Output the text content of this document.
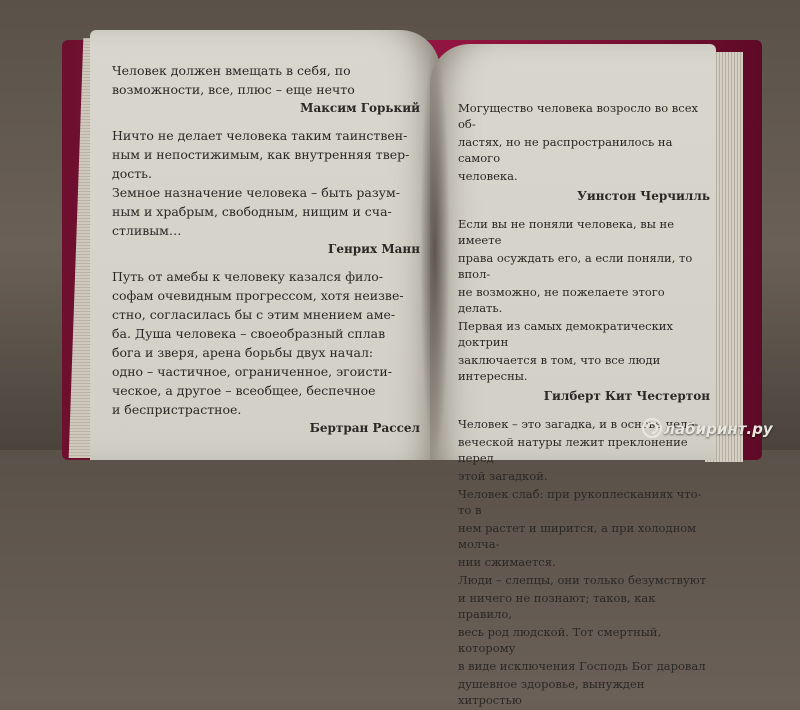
Человек должен вмещать в себя, по
возможности, все, плюс – еще нечто
Максим Горький
Ничто не делает человека таким таинствен-
ным и непостижимым, как внутренняя твер-
дость.
Земное назначение человека – быть разум-
ным и храбрым, свободным, нищим и сча-
стливым…
Генрих Манн
Путь от амебы к человеку казался фило-
софам очевидным прогрессом, хотя неизве-
стно, согласилась бы с этим мнением аме-
ба. Душа человека – своеобразный сплав
бога и зверя, арена борьбы двух начал:
одно – частичное, ограниченное, эгоисти-
ческое, а другое – всеобщее, беспечное
и беспристрастное.
Бертран Рассел
Могущество человека возросло во всех об-
ластях, но не распространилось на самого
человека.
Уинстон Черчилль
Если вы не поняли человека, вы не имеете
права осуждать его, а если поняли, то впол-
не возможно, не пожелаете этого делать.
Первая из самых демократических доктрин
заключается в том, что все люди интересны.
Гилберт Кит Честертон
Человек – это загадка, и в основе чело-
веческой натуры лежит преклонение перед
этой загадкой.
Человек слаб: при рукоплесканиях что-то в
нем растет и ширится, а при холодном молча-
нии сжимается.
Люди – слепцы, они только безумствуют
и ничего не познают; таков, как правило,
весь род людской. Тот смертный, которому
в виде исключения Господь Бог даровал
душевное здоровье, вынужден хитростью
лабиринт.ру
